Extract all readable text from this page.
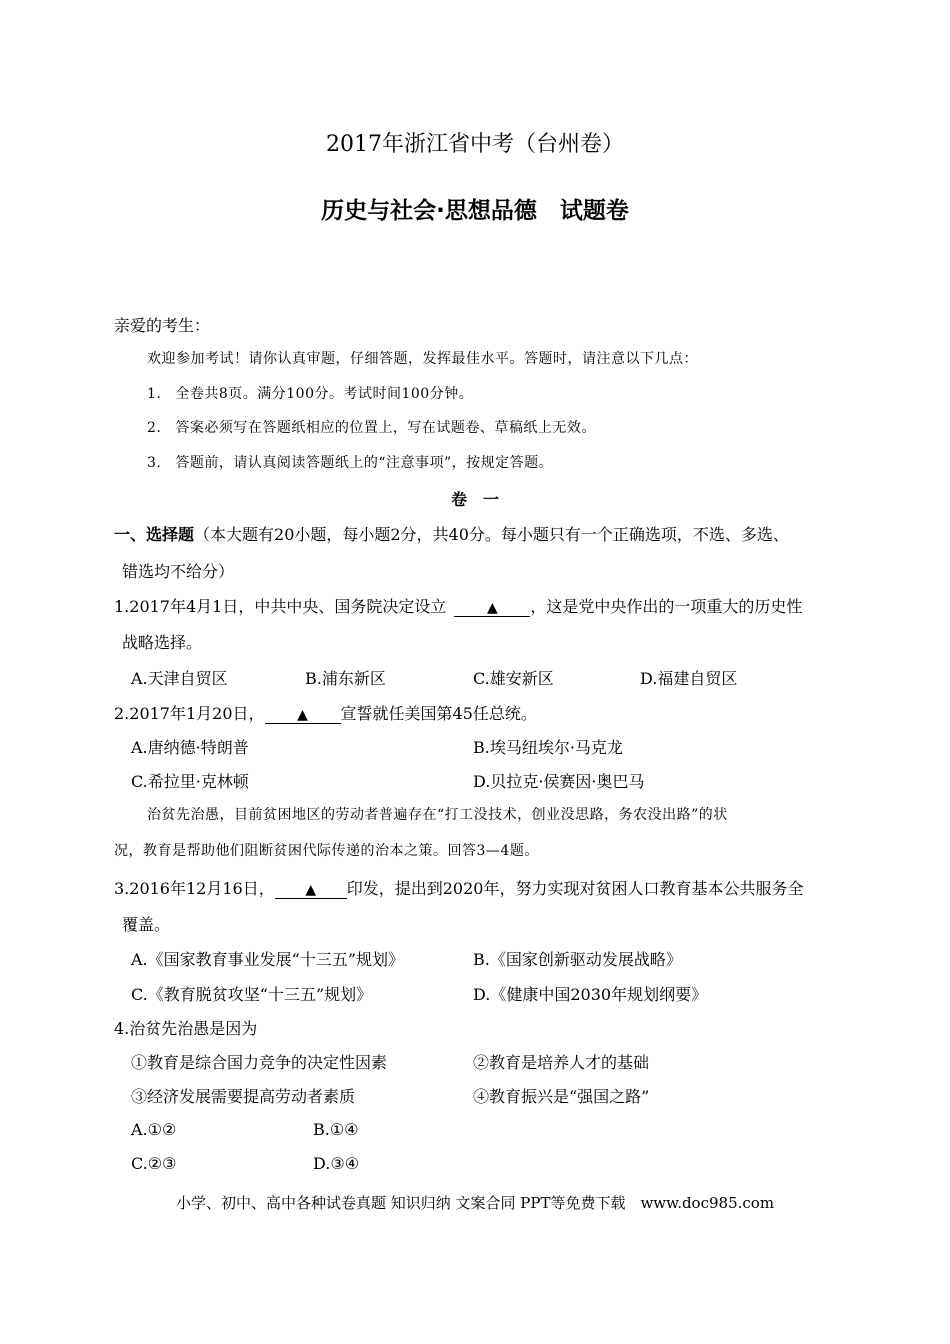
2017年浙江省中考（台州卷）
历史与社会·思想品德　试题卷
亲爱的考生：
欢迎参加考试！请你认真审题，仔细答题，发挥最佳水平。答题时，请注意以下几点：
1. 全卷共8页。满分100分。考试时间100分钟。
2. 答案必须写在答题纸相应的位置上，写在试题卷、草稿纸上无效。
3. 答题前，请认真阅读答题纸上的“注意事项”，按规定答题。
卷　一
一、选择题（本大题有20小题，每小题2分，共40分。每小题只有一个正确选项，不选、多选、
错选均不给分）
1.2017年4月1日，中共中央、国务院决定设立	▲ ，这是党中央作出的一项重大的历史性
战略选择。
A.天津自贸区	B.浦东新区	C.雄安新区	D.福建自贸区
2.2017年1月20日， ▲ 宣誓就任美国第45任总统。
A.唐纳德·特朗普	B.埃马纽埃尔·马克龙
C.希拉里·克林顿	D.贝拉克·侯赛因·奥巴马
治贫先治愚，目前贫困地区的劳动者普遍存在“打工没技术，创业没思路，务农没出路”的状
况，教育是帮助他们阻断贫困代际传递的治本之策。回答3—4题。
3.2016年12月16日， ▲ 印发，提出到2020年，努力实现对贫困人口教育基本公共服务全
覆盖。
A.《国家教育事业发展“十三五”规划》	B.《国家创新驱动发展战略》
C.《教育脱贫攻坚“十三五”规划》	D.《健康中国2030年规划纲要》
4.治贫先治愚是因为
①教育是综合国力竞争的决定性因素	②教育是培养人才的基础
③经济发展需要提高劳动者素质	④教育振兴是“强国之路”
A.①②	B.①④
C.②③	D.③④
小学、初中、高中各种试卷真题 知识归纳 文案合同 PPT等免费下载　www.doc985.com
